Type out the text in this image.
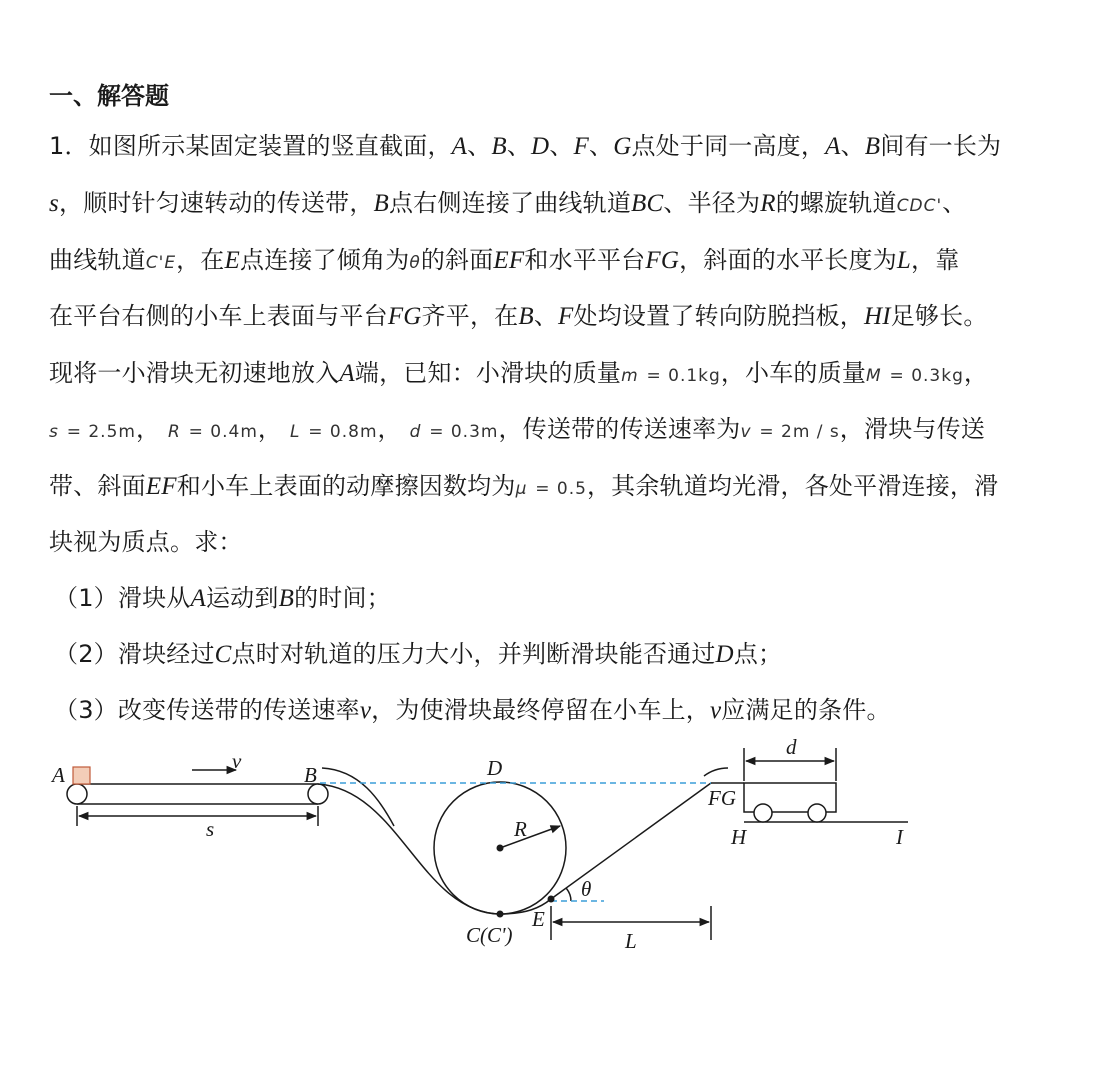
一、解答题
1．如图所示某固定装置的竖直截面，A、B、D、F、G点处于同一高度，A、B间有一长为
s，顺时针匀速转动的传送带，B点右侧连接了曲线轨道BC、半径为R的螺旋轨道CDC'、
曲线轨道C'E，在E点连接了倾角为θ的斜面EF和水平平台FG，斜面的水平长度为L，靠
在平台右侧的小车上表面与平台FG齐平，在B、F处均设置了转向防脱挡板，HI足够长。
现将一小滑块无初速地放入A端，已知：小滑块的质量m = 0.1kg，小车的质量M = 0.3kg，
s = 2.5m， R = 0.4m， L = 0.8m， d = 0.3m，传送带的传送速率为v = 2m / s，滑块与传送
带、斜面EF和小车上表面的动摩擦因数均为μ = 0.5，其余轨道均光滑，各处平滑连接，滑
块视为质点。求：
（1）滑块从A运动到B的时间；
（2）滑块经过C点时对轨道的压力大小，并判断滑块能否通过D点；
（3）改变传送带的传送速率v，为使滑块最终停留在小车上，v应满足的条件。
A
v
B
s
D
R
θ
E
C(C')	L
d
FG
H	I
